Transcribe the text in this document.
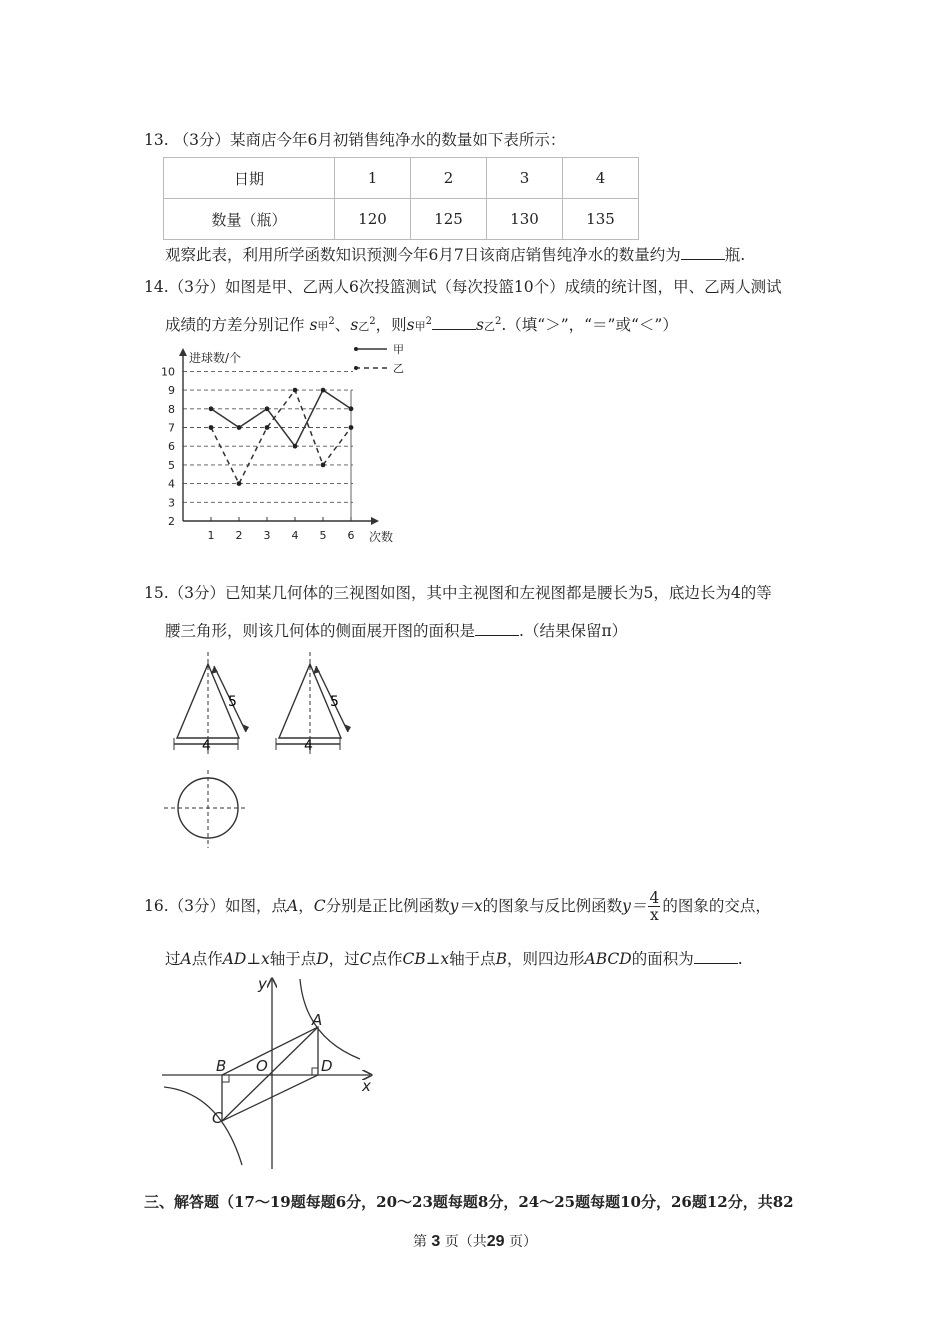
13. （3分）某商店今年6月初销售纯净水的数量如下表所示：
日期	1	2	3	4
数量（瓶）	120	125	130	135
观察此表，利用所学函数知识预测今年6月7日该商店销售纯净水的数量约为	瓶.
14.（3分）如图是甲、乙两人6次投篮测试（每次投篮10个）成绩的统计图，甲、乙两人测试
成绩的方差分别记作 s甲$^2$、s乙$^2$，则s甲$^2$	s乙$^2$.（填“＞”，“＝”或“＜”）
2
3
4
5
6
7
8
9
10
1 2 3 4 5 6
进球数/个
次数
甲
乙
15.（3分）已知某几何体的三视图如图，其中主视图和左视图都是腰长为5，底边长为4的等
腰三角形，则该几何体的侧面展开图的面积是	.（结果保留π）
5
4
5
4
16.（3分）如图，点A，C分别是正比例函数y＝x的图象与反比例函数$y= \frac{4}{x}$ 的图象的交点，
过A点作AD⊥x轴于点D，过C点作CB⊥x轴于点B，则四边形ABCD的面积为	.
y
x
O
A
B
C
D
三、解答题（17～19题每题6分，20～23题每题8分，24～25题每题10分，26题12分，共82
第 3 页（共29 页）
